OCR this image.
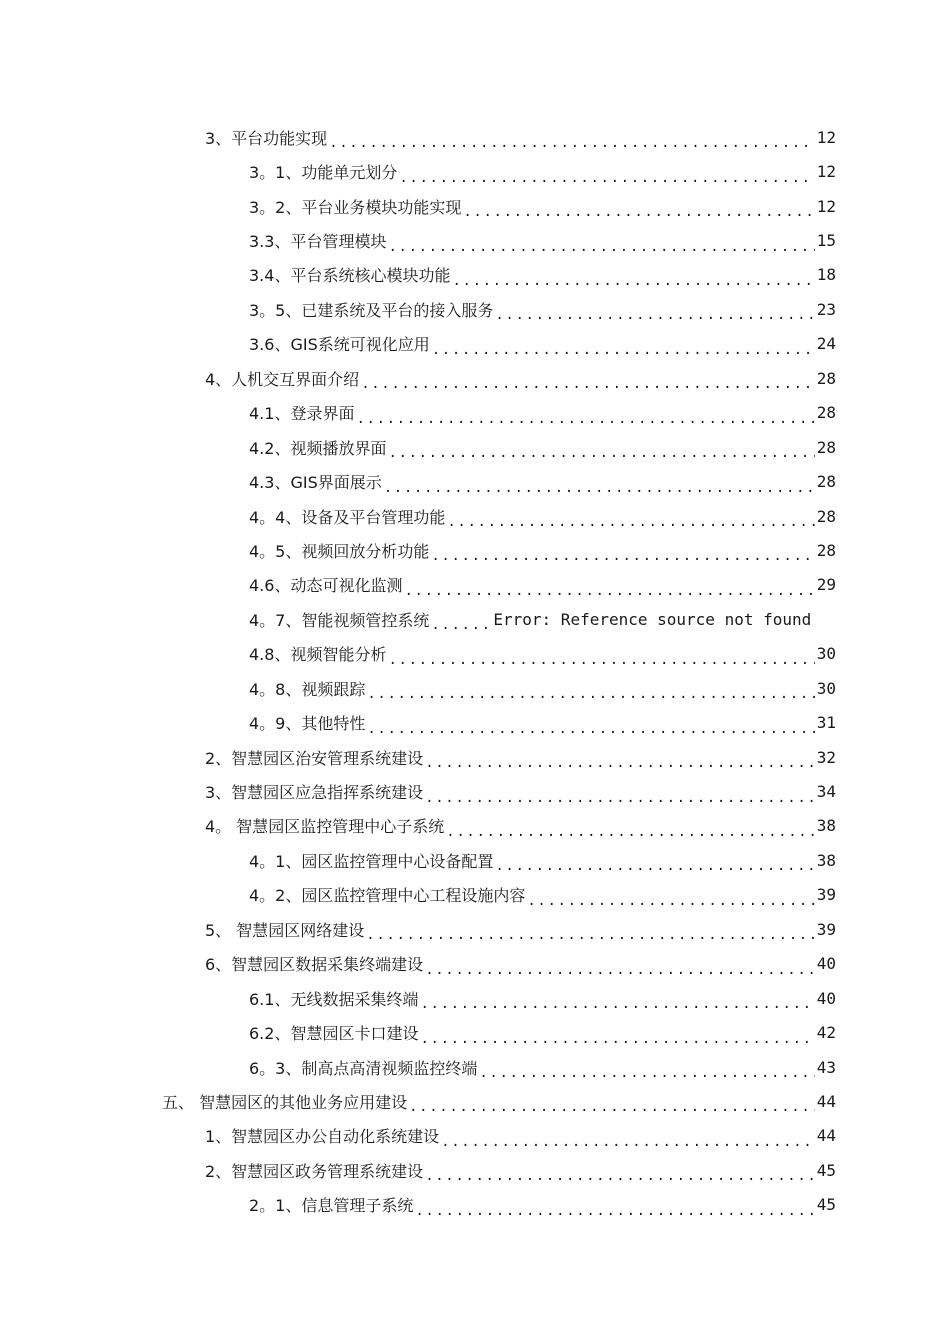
3、平台功能实现 . . .	12
3。1、功能单元划分 . . .	12
3。2、平台业务模块功能实现 . . .	12
3.3、平台管理模块 . . .	15
3.4、平台系统核心模块功能 . . .	18
3。5、已建系统及平台的接入服务 . . .	23
3.6、GIS系统可视化应用 . . .	24
4、人机交互界面介绍 . . .	28
4.1、登录界面 . . .	28
4.2、视频播放界面 . . .	28
4.3、GIS界面展示 . . .	28
4。4、设备及平台管理功能 . . .	28
4。5、视频回放分析功能 . . .	28
4.6、动态可视化监测 . . .	29
4。7、智能视频管控系统 . . .	Error: Reference source not found
4.8、视频智能分析 . . .	30
4。8、视频跟踪 . . .	30
4。9、其他特性 . . .	31
2、智慧园区治安管理系统建设 . . .	32
3、智慧园区应急指挥系统建设 . . .	34
4。 智慧园区监控管理中心子系统 . . .	38
4。1、园区监控管理中心设备配置 . . .	38
4。2、园区监控管理中心工程设施内容 . . .	39
5、 智慧园区网络建设 . . .	39
6、智慧园区数据采集终端建设 . . .	40
6.1、无线数据采集终端 . . .	40
6.2、智慧园区卡口建设 . . .	42
6。3、制高点高清视频监控终端 . . .	43
五、 智慧园区的其他业务应用建设 . . .	44
1、智慧园区办公自动化系统建设 . . .	44
2、智慧园区政务管理系统建设 . . .	45
2。1、信息管理子系统 . . .	45
